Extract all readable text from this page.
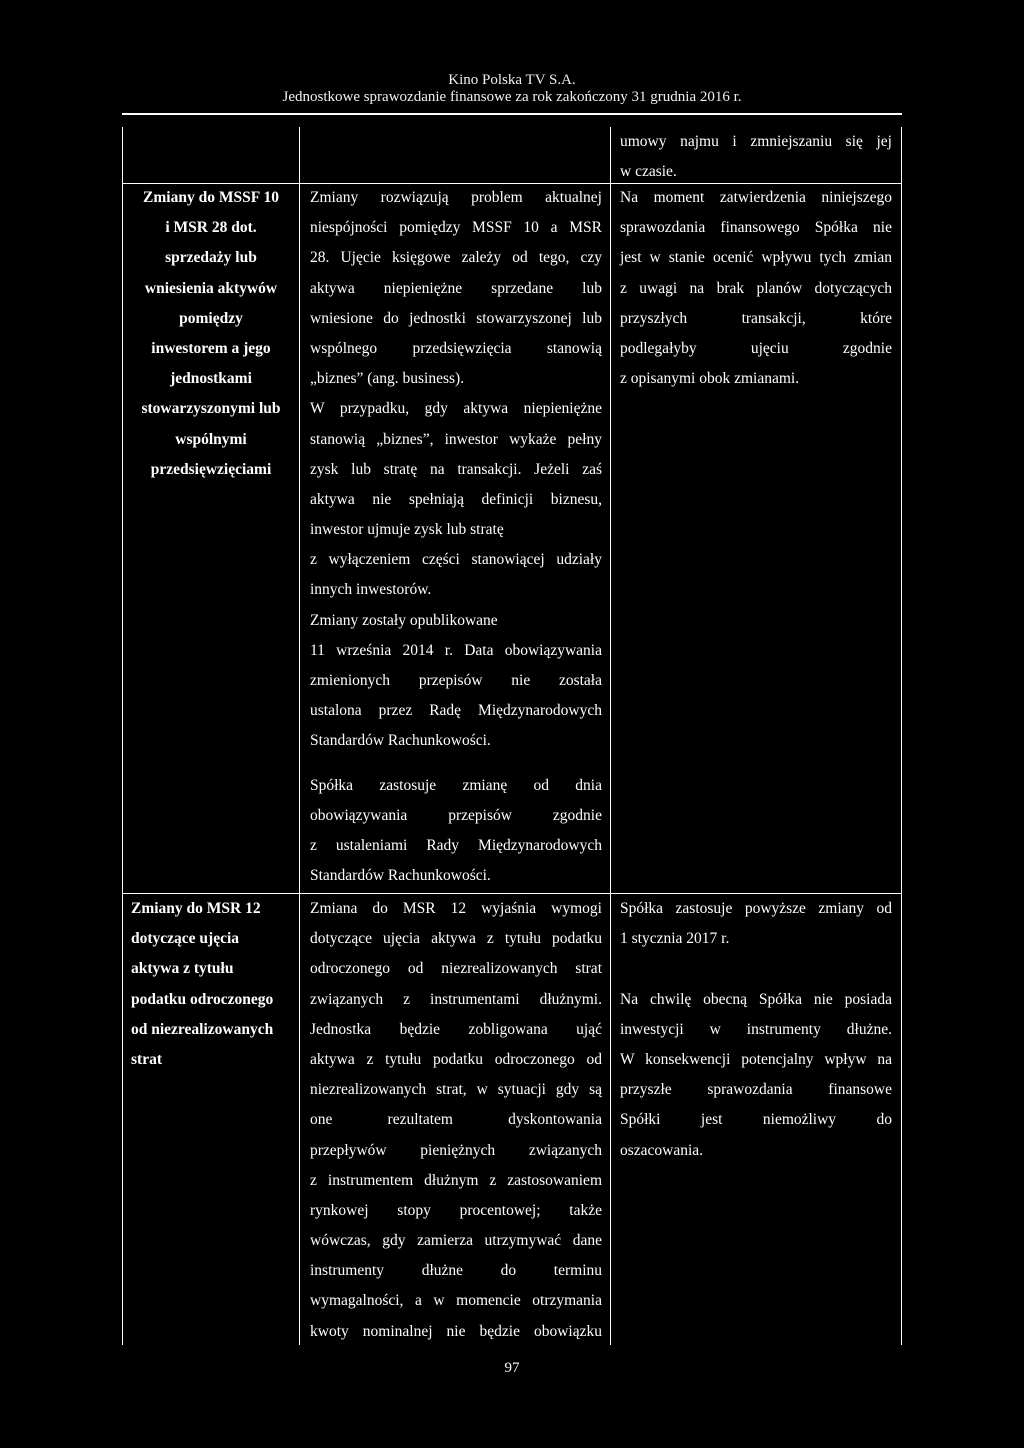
Kino Polska TV S.A.
Jednostkowe sprawozdanie finansowe za rok zakończony 31 grudnia 2016 r.
umowy najmu i zmniejszaniu się jej
w czasie.
Zmiany do MSSF 10
i MSR 28 dot.
sprzedaży lub
wniesienia aktywów
pomiędzy
inwestorem a jego
jednostkami
stowarzyszonymi lub
wspólnymi
przedsięwzięciami
Zmiany rozwiązują problem aktualnej
niespójności pomiędzy MSSF 10 a MSR
28. Ujęcie księgowe zależy od tego, czy
aktywa niepieniężne sprzedane lub
wniesione do jednostki stowarzyszonej lub
wspólnego przedsięwzięcia stanowią
„biznes” (ang. business).
W przypadku, gdy aktywa niepieniężne
stanowią „biznes”, inwestor wykaże pełny
zysk lub stratę na transakcji. Jeżeli zaś
aktywa nie spełniają definicji biznesu,
inwestor ujmuje zysk lub stratę
z wyłączeniem części stanowiącej udziały
innych inwestorów.
Zmiany zostały opublikowane
11 września 2014 r. Data obowiązywania
zmienionych przepisów nie została
ustalona przez Radę Międzynarodowych
Standardów Rachunkowości.
Spółka zastosuje zmianę od dnia
obowiązywania przepisów zgodnie
z ustaleniami Rady Międzynarodowych
Standardów Rachunkowości.
Na moment zatwierdzenia niniejszego
sprawozdania finansowego Spółka nie
jest w stanie ocenić wpływu tych zmian
z uwagi na brak planów dotyczących
przyszłych transakcji, które
podlegałyby ujęciu zgodnie
z opisanymi obok zmianami.
Zmiany do MSR 12
dotyczące ujęcia
aktywa z tytułu
podatku odroczonego
od niezrealizowanych
strat
Zmiana do MSR 12 wyjaśnia wymogi
dotyczące ujęcia aktywa z tytułu podatku
odroczonego od niezrealizowanych strat
związanych z instrumentami dłużnymi.
Jednostka będzie zobligowana ująć
aktywa z tytułu podatku odroczonego od
niezrealizowanych strat, w sytuacji gdy są
one rezultatem dyskontowania
przepływów pieniężnych związanych
z instrumentem dłużnym z zastosowaniem
rynkowej stopy procentowej; także
wówczas, gdy zamierza utrzymywać dane
instrumenty dłużne do terminu
wymagalności, a w momencie otrzymania
kwoty nominalnej nie będzie obowiązku
Spółka zastosuje powyższe zmiany od
1 stycznia 2017 r.
Na chwilę obecną Spółka nie posiada
inwestycji w instrumenty dłużne.
W konsekwencji potencjalny wpływ na
przyszłe sprawozdania finansowe
Spółki jest niemożliwy do
oszacowania.
97
